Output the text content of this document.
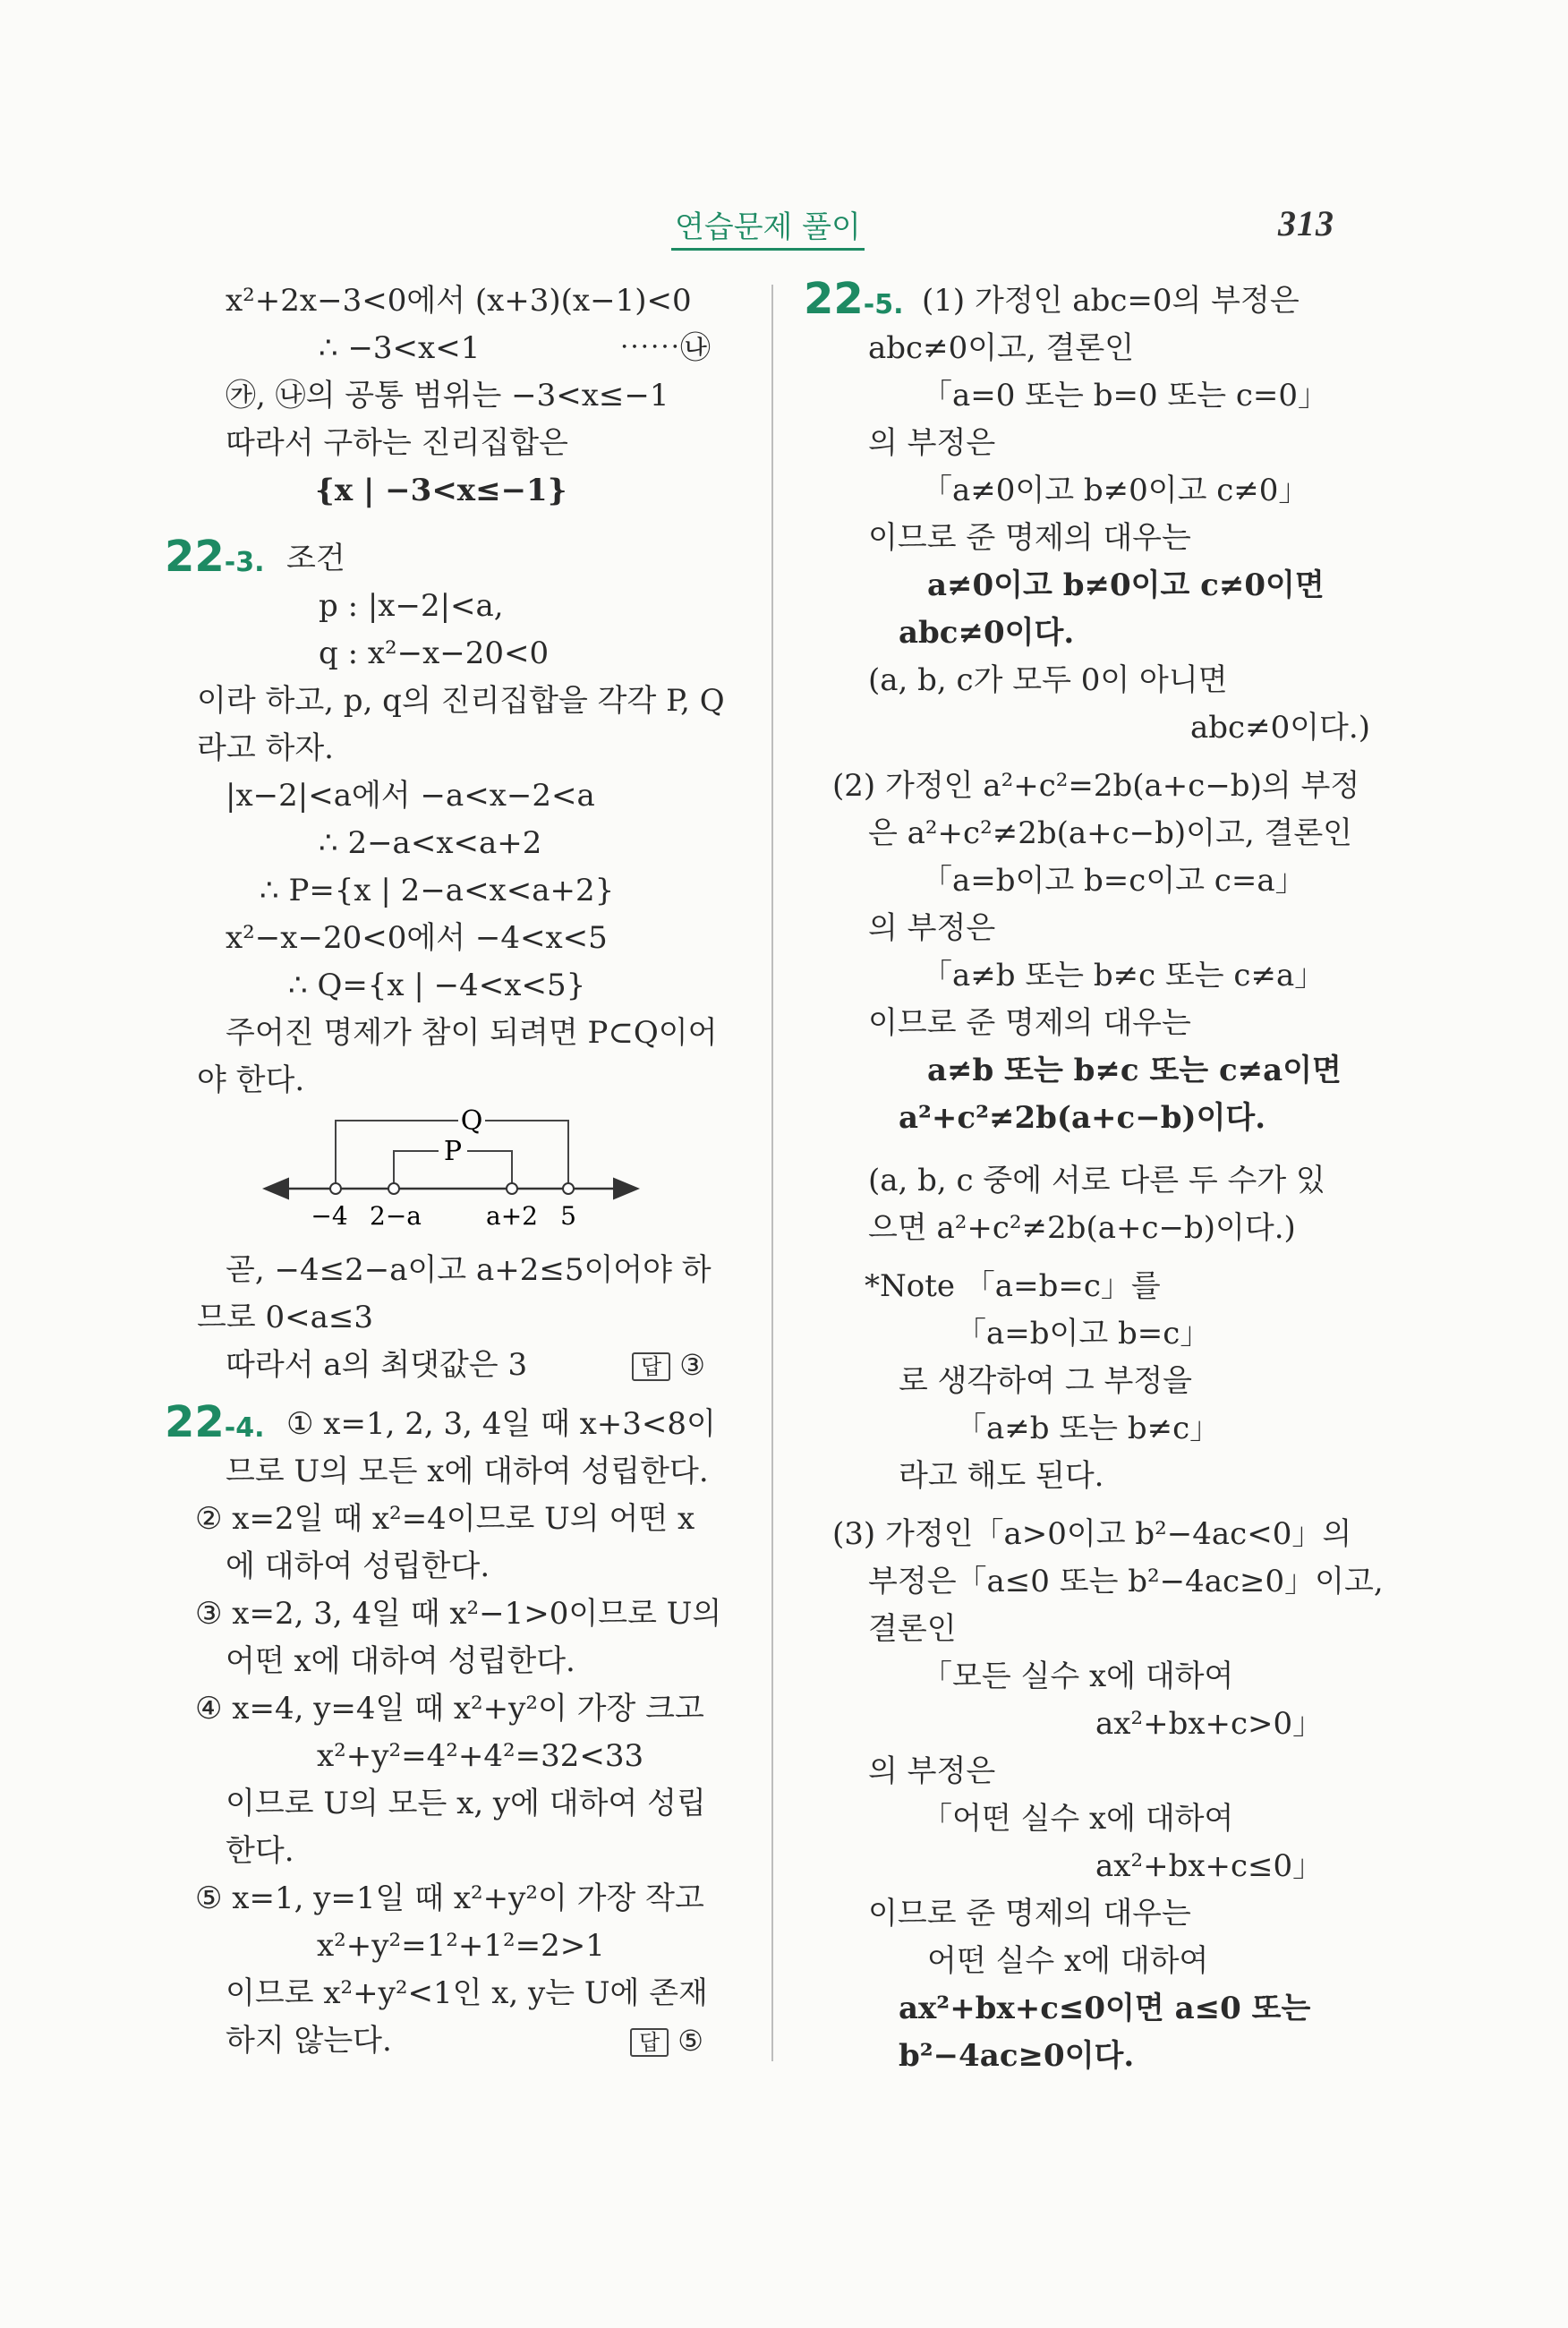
연습문제 풀이	313
x²+2x−3<0에서 (x+3)(x−1)<0
∴ −3<x<1	⋯⋯㉯
㉮, ㉯의 공통 범위는 −3<x≤−1
따라서 구하는 진리집합은
{x | −3<x≤−1}
22-3. 조건
p : |x−2|<a,
q : x²−x−20<0
이라 하고, p, q의 진리집합을 각각 P, Q
라고 하자.
|x−2|<a에서 −a<x−2<a
∴ 2−a<x<a+2
∴ P={x | 2−a<x<a+2}
x²−x−20<0에서 −4<x<5
∴ Q={x | −4<x<5}
주어진 명제가 참이 되려면 P⊂Q이어
야 한다.
Q
P
−4 2−a	a+2 5
곧, −4≤2−a이고 a+2≤5이어야 하
므로 0<a≤3
따라서 a의 최댓값은 3	답 ③
22-4. ① x=1, 2, 3, 4일 때 x+3<8이
므로 U의 모든 x에 대하여 성립한다.
② x=2일 때 x²=4이므로 U의 어떤 x
에 대하여 성립한다.
③ x=2, 3, 4일 때 x²−1>0이므로 U의
어떤 x에 대하여 성립한다.
④ x=4, y=4일 때 x²+y²이 가장 크고
x²+y²=4²+4²=32<33
이므로 U의 모든 x, y에 대하여 성립
한다.
⑤ x=1, y=1일 때 x²+y²이 가장 작고
x²+y²=1²+1²=2>1
이므로 x²+y²<1인 x, y는 U에 존재
하지 않는다.	답 ⑤
22-5. (1) 가정인 abc=0의 부정은
abc≠0이고, 결론인
「a=0 또는 b=0 또는 c=0」
의 부정은
「a≠0이고 b≠0이고 c≠0」
이므로 준 명제의 대우는
a≠0이고 b≠0이고 c≠0이면
abc≠0이다.
(a, b, c가 모두 0이 아니면
abc≠0이다.)
(2) 가정인 a²+c²=2b(a+c−b)의 부정
은 a²+c²≠2b(a+c−b)이고, 결론인
「a=b이고 b=c이고 c=a」
의 부정은
「a≠b 또는 b≠c 또는 c≠a」
이므로 준 명제의 대우는
a≠b 또는 b≠c 또는 c≠a이면
a²+c²≠2b(a+c−b)이다.
(a, b, c 중에 서로 다른 두 수가 있
으면 a²+c²≠2b(a+c−b)이다.)
*Note 「a=b=c」를
「a=b이고 b=c」
로 생각하여 그 부정을
「a≠b 또는 b≠c」
라고 해도 된다.
(3) 가정인「a>0이고 b²−4ac<0」의
부정은「a≤0 또는 b²−4ac≥0」이고,
결론인
「모든 실수 x에 대하여
ax²+bx+c>0」
의 부정은
「어떤 실수 x에 대하여
ax²+bx+c≤0」
이므로 준 명제의 대우는
어떤 실수 x에 대하여
ax²+bx+c≤0이면 a≤0 또는
b²−4ac≥0이다.
